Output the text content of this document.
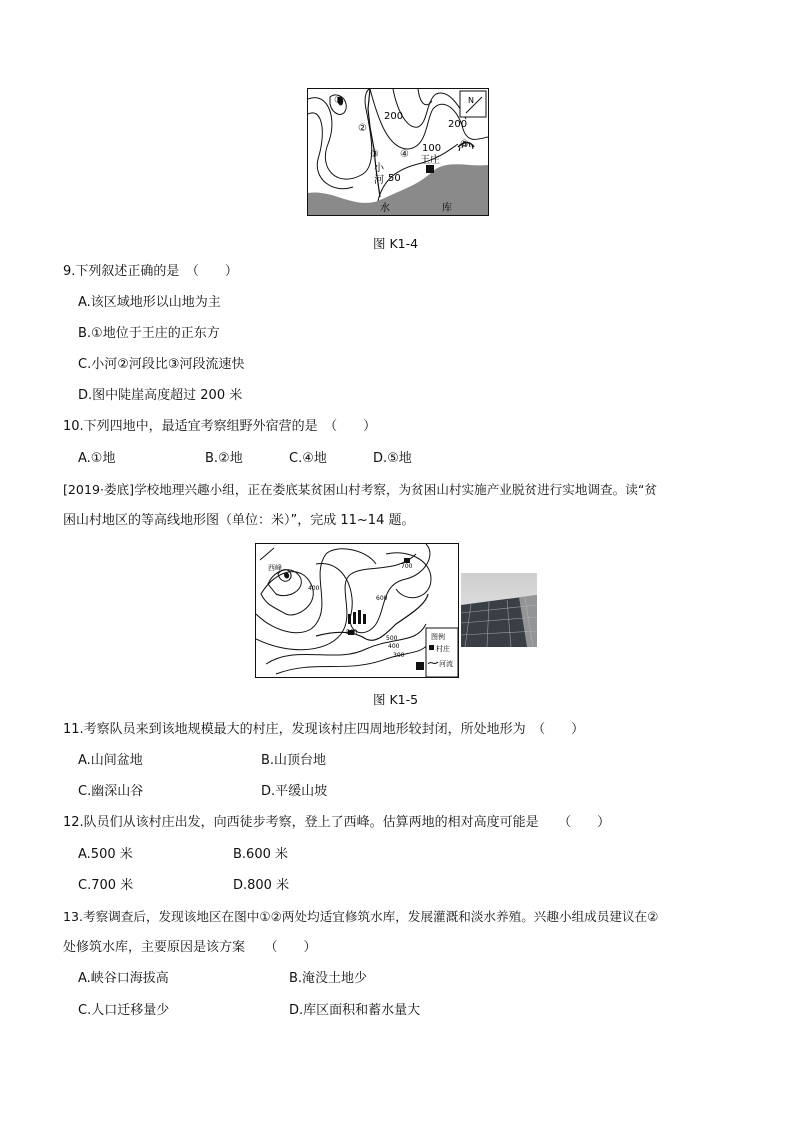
①
②
③ ④
⑤
200
200
100
50
小
河
王庄
N
水	库
图 K1-4
9.下列叙述正确的是　（　　）
A.该区域地形以山地为主
B.①地位于王庄的正东方
C.小河②河段比③河段流速快
D.图中陡崖高度超过 200 米
10.下列四地中，最适宜考察组野外宿营的是　（　　）
A.①地	B.②地	C.④地	D.⑤地
[2019·娄底]学校地理兴趣小组，正在娄底某贫困山村考察，为贫困山村实施产业脱贫进行实地调查。读“贫
困山村地区的等高线地形图（单位：米）”，完成 11~14 题。
图例
村庄
河流
西峰
400
500
400
300
500
600
700
图 K1-5
11.考察队员来到该地规模最大的村庄，发现该村庄四周地形较封闭，所处地形为　（　　）
A.山间盆地	B.山顶台地
C.幽深山谷	D.平缓山坡
12.队员们从该村庄出发，向西徒步考察，登上了西峰。估算两地的相对高度可能是　　（　　）
A.500 米	B.600 米
C.700 米	D.800 米
13.考察调查后，发现该地区在图中①②两处均适宜修筑水库，发展灌溉和淡水养殖。兴趣小组成员建议在②
处修筑水库，主要原因是该方案　　（　　）
A.峡谷口海拔高	B.淹没土地少
C.人口迁移量少	D.库区面积和蓄水量大
